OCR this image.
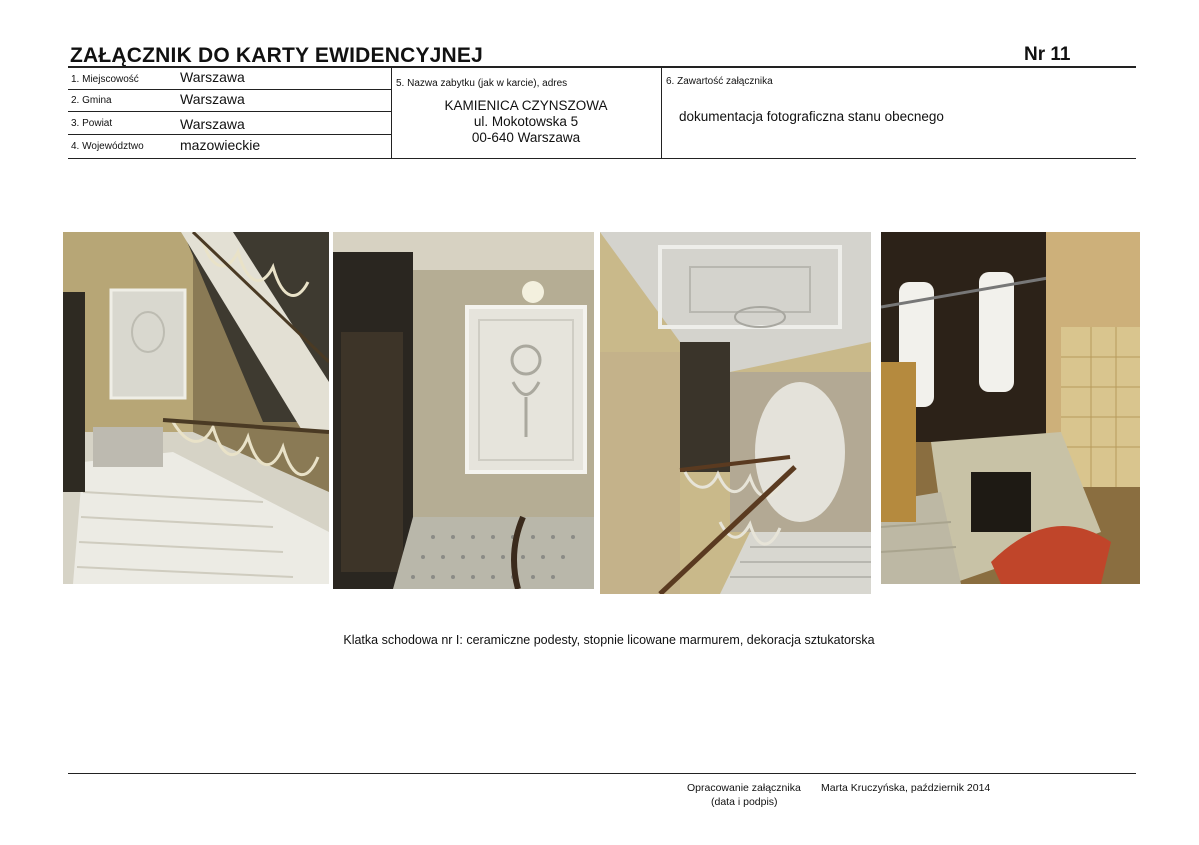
ZAŁĄCZNIK DO KARTY EWIDENCYJNEJ	Nr 11
1. Miejscowość	Warszawa
2. Gmina	Warszawa
3. Powiat	Warszawa
4. Województwo	mazowieckie
5. Nazwa zabytku (jak w karcie), adres
KAMIENICA CZYNSZOWA
ul. Mokotowska 5
00-640 Warszawa
6. Zawartość załącznika
dokumentacja fotograficzna stanu obecnego
Klatka schodowa nr I: ceramiczne podesty, stopnie licowane marmurem, dekoracja sztukatorska
Opracowanie załącznika
(data i podpis)
Marta Kruczyńska, październik 2014
